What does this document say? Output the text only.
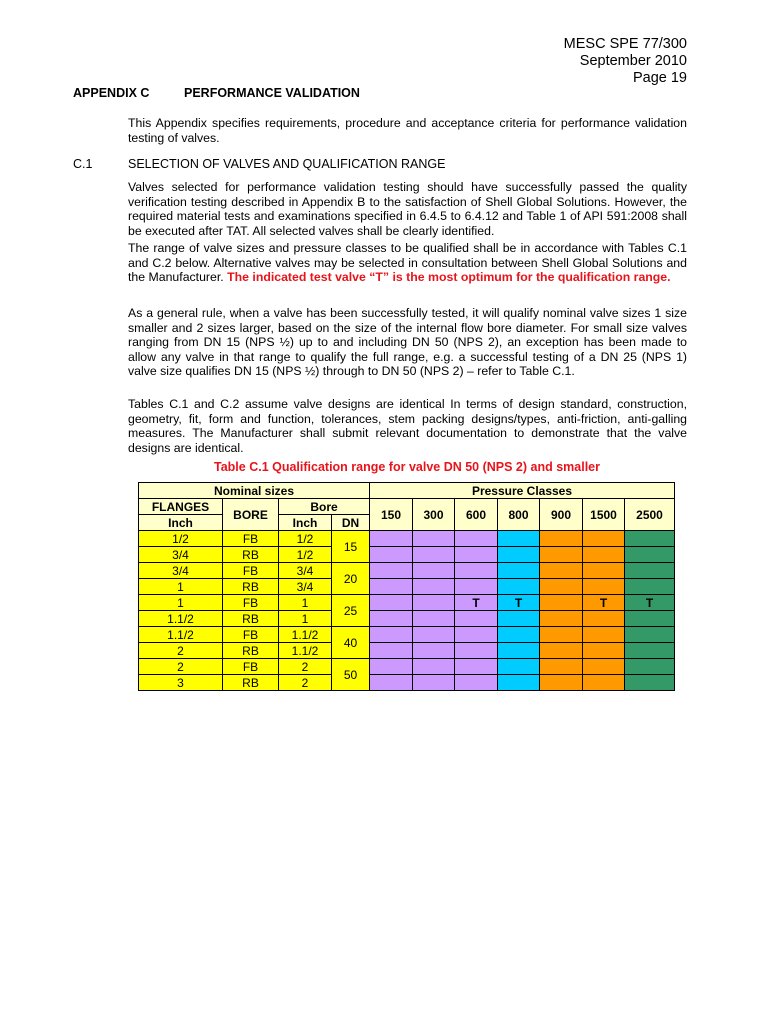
MESC SPE 77/300
September 2010
Page 19
APPENDIX C	PERFORMANCE VALIDATION

This Appendix specifies requirements, procedure and acceptance criteria for performance validation testing of valves.

C.1	SELECTION OF VALVES AND QUALIFICATION RANGE

Valves selected for performance validation testing should have successfully passed the quality verification testing described in Appendix B to the satisfaction of Shell Global Solutions. However, the required material tests and examinations specified in 6.4.5 to 6.4.12 and Table 1 of API 591:2008 shall be executed after TAT. All selected valves shall be clearly identified.

The range of valve sizes and pressure classes to be qualified shall be in accordance with Tables C.1 and C.2 below. Alternative valves may be selected in consultation between Shell Global Solutions and the Manufacturer. The indicated test valve “T” is the most optimum for the qualification range.

As a general rule, when a valve has been successfully tested, it will qualify nominal valve sizes 1 size smaller and 2 sizes larger, based on the size of the internal flow bore diameter. For small size valves ranging from DN 15 (NPS ½) up to and including DN 50 (NPS 2), an exception has been made to allow any valve in that range to qualify the full range, e.g. a successful testing of a DN 25 (NPS 1) valve size qualifies DN 15 (NPS ½) through to DN 50 (NPS 2) – refer to Table C.1.

Tables C.1 and C.2 assume valve designs are identical In terms of design standard, construction, geometry, fit, form and function, tolerances, stem packing designs/types, anti-friction, anti-galling measures. The Manufacturer shall submit relevant documentation to demonstrate that the valve designs are identical.

Table C.1 Qualification range for valve DN 50 (NPS 2) and smaller
Nominal sizes				Pressure Classes						
FLANGES	BORE	Bore		150	300	600	800	900	1500	2500
Inch		Inch	DN							
1/2	FB	1/2	15							
3/4	RB	1/2								
3/4	FB	3/4	20							
1	RB	3/4								
1	FB	1	25			T	T		T	T
1.1/2	RB	1								
1.1/2	FB	1.1/2	40							
2	RB	1.1/2								
2	FB	2	50							
3	RB	2								
